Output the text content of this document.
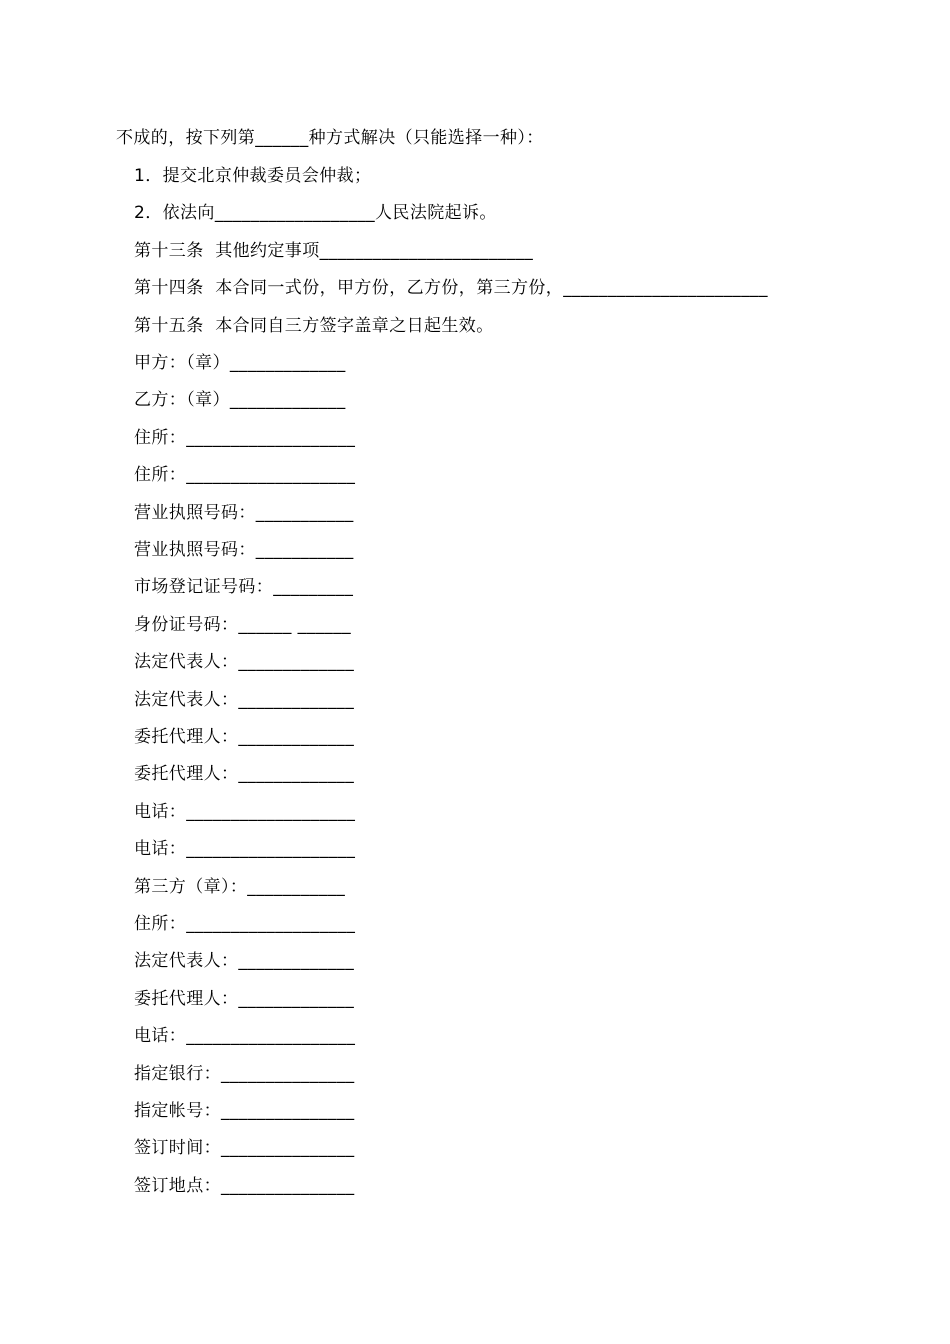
不成的，按下列第______种方式解决（只能选择一种）：
1．提交北京仲裁委员会仲裁；
2．依法向__________________人民法院起诉。
第十三条  其他约定事项________________________
第十四条  本合同一式份，甲方份，乙方份，第三方份，_______________________
第十五条  本合同自三方签字盖章之日起生效。
甲方：（章）_____________
乙方：（章）_____________
住所：___________________
住所：___________________
营业执照号码：___________
营业执照号码：___________
市场登记证号码：_________
身份证号码：______ ______
法定代表人：_____________
法定代表人：_____________
委托代理人：_____________
委托代理人：_____________
电话：___________________
电话：___________________
第三方（章）：___________
住所：___________________
法定代表人：_____________
委托代理人：_____________
电话：___________________
指定银行：_______________
指定帐号：_______________
签订时间：_______________
签订地点：_______________
